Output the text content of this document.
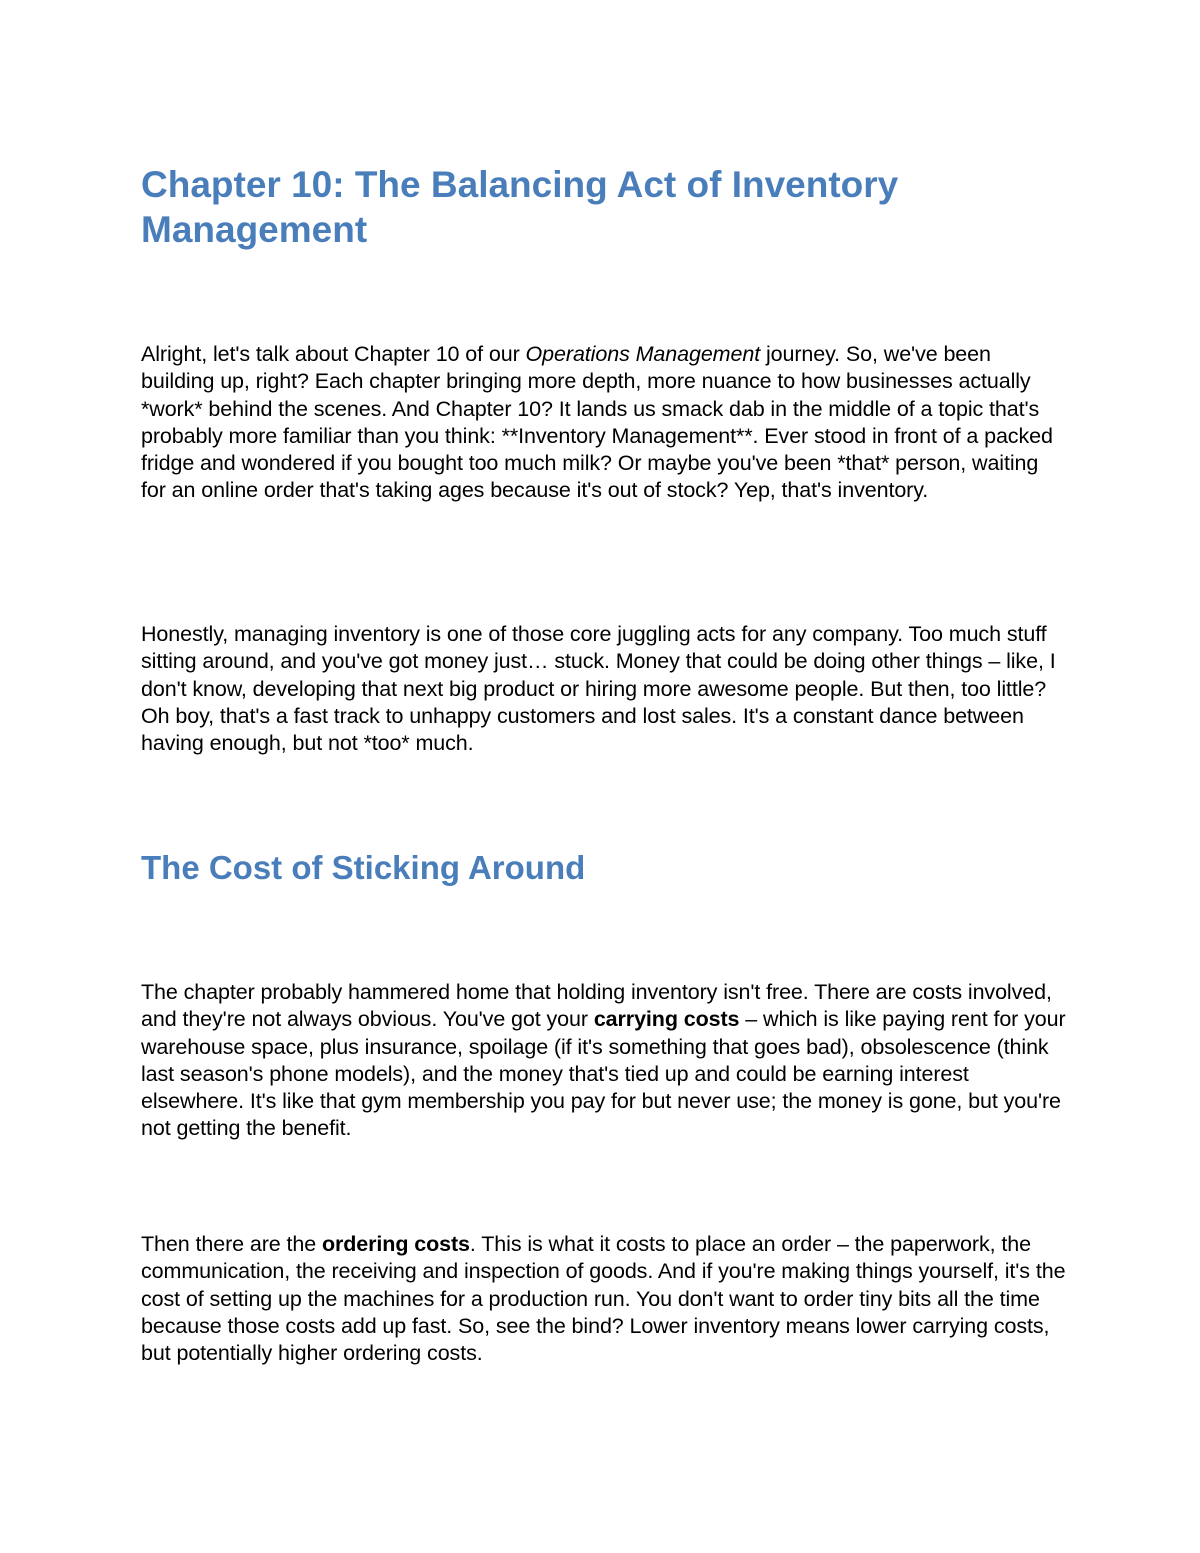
Chapter 10: The Balancing Act of Inventory Management

Alright, let's talk about Chapter 10 of our Operations Management journey. So, we've been building up, right? Each chapter bringing more depth, more nuance to how businesses actually *work* behind the scenes. And Chapter 10? It lands us smack dab in the middle of a topic that's probably more familiar than you think: **Inventory Management**. Ever stood in front of a packed fridge and wondered if you bought too much milk? Or maybe you've been *that* person, waiting for an online order that's taking ages because it's out of stock? Yep, that's inventory.

Honestly, managing inventory is one of those core juggling acts for any company. Too much stuff sitting around, and you've got money just… stuck. Money that could be doing other things – like, I don't know, developing that next big product or hiring more awesome people. But then, too little? Oh boy, that's a fast track to unhappy customers and lost sales. It's a constant dance between having enough, but not *too* much.

The Cost of Sticking Around

The chapter probably hammered home that holding inventory isn't free. There are costs involved, and they're not always obvious. You've got your carrying costs – which is like paying rent for your warehouse space, plus insurance, spoilage (if it's something that goes bad), obsolescence (think last season's phone models), and the money that's tied up and could be earning interest elsewhere. It's like that gym membership you pay for but never use; the money is gone, but you're not getting the benefit.

Then there are the ordering costs. This is what it costs to place an order – the paperwork, the communication, the receiving and inspection of goods. And if you're making things yourself, it's the cost of setting up the machines for a production run. You don't want to order tiny bits all the time because those costs add up fast. So, see the bind? Lower inventory means lower carrying costs, but potentially higher ordering costs.
